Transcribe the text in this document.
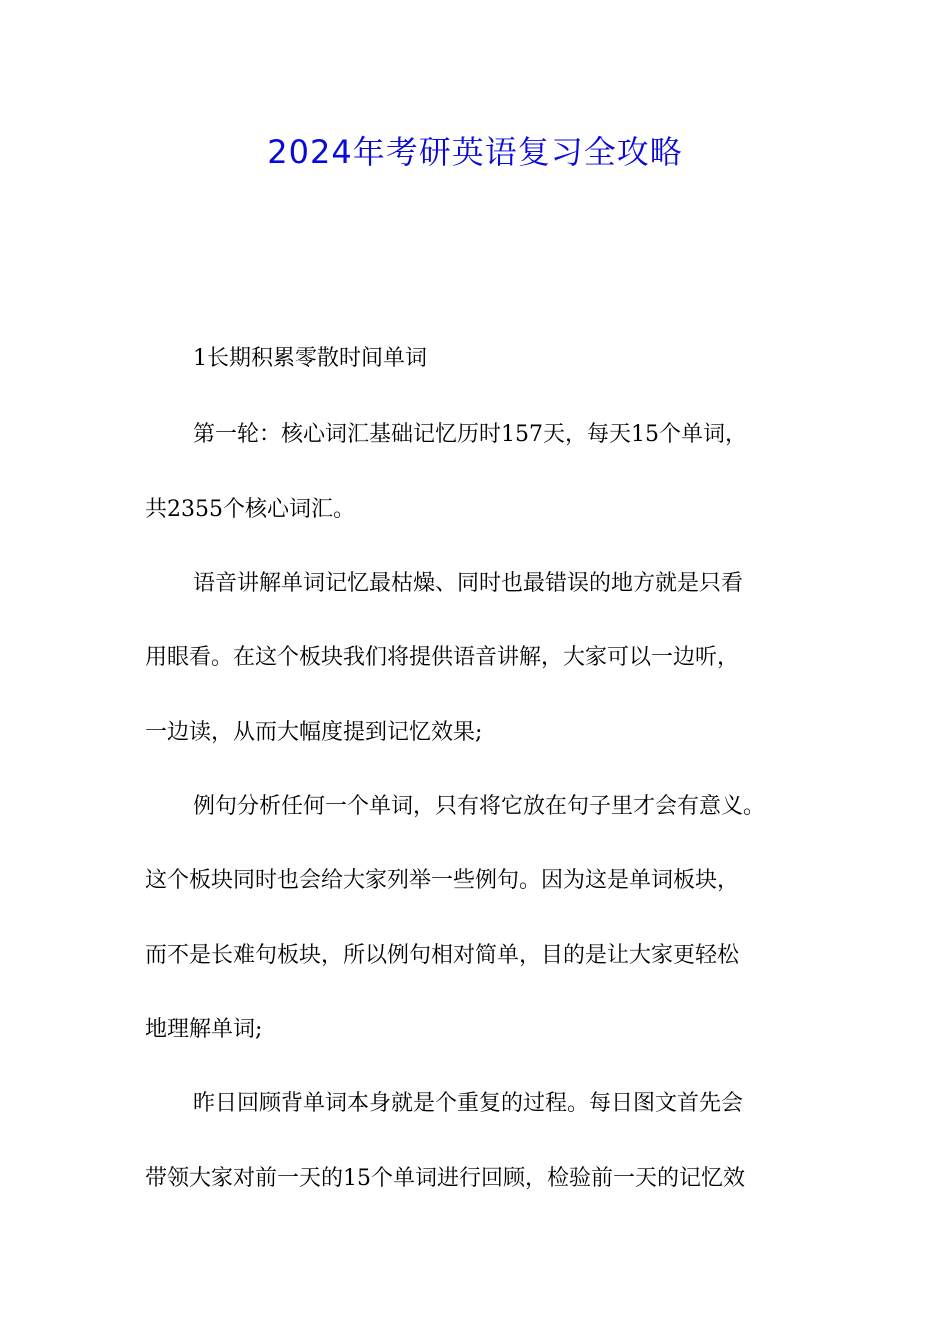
2024年考研英语复习全攻略

1长期积累零散时间单词

第一轮：核心词汇基础记忆历时157天，每天15个单词，

共2355个核心词汇。

语音讲解单词记忆最枯燥、同时也最错误的地方就是只看

用眼看。在这个板块我们将提供语音讲解，大家可以一边听，

一边读，从而大幅度提到记忆效果;

例句分析任何一个单词，只有将它放在句子里才会有意义。

这个板块同时也会给大家列举一些例句。因为这是单词板块，

而不是长难句板块，所以例句相对简单，目的是让大家更轻松

地理解单词;

昨日回顾背单词本身就是个重复的过程。每日图文首先会

带领大家对前一天的15个单词进行回顾，检验前一天的记忆效
